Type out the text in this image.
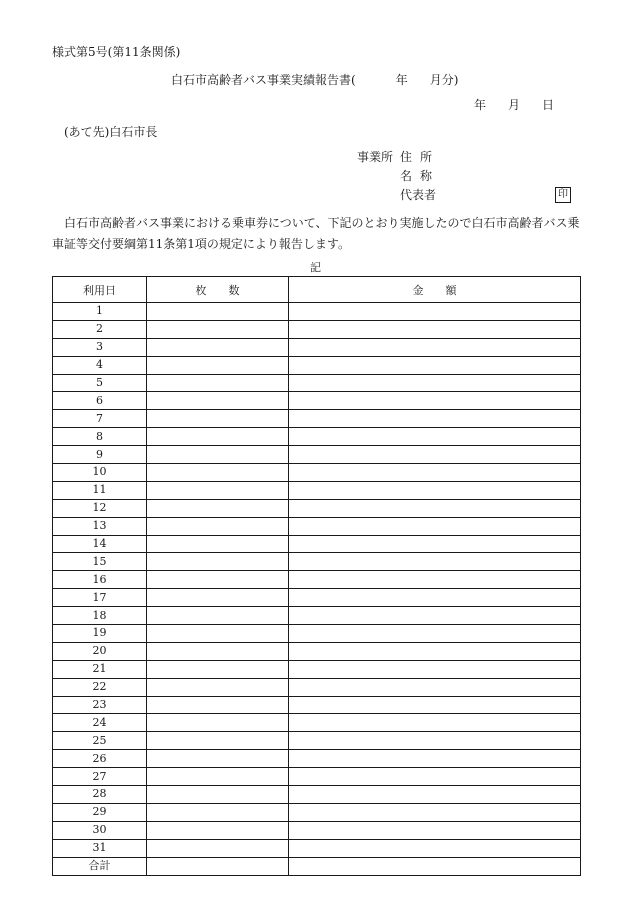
様式第5号(第11条関係)
白石市高齢者バス事業実績報告書(	年 月分)
年 月 日
(あて先)白石市長
事業所 住 所
名 称
代表者	印
白石市高齢者バス事業における乗車券について、下記のとおり実施したので白石市高齢者バス乗車証等交付要綱第11条第1項の規定により報告します。
記
利用日	枚 数	金 額
1		
2		
3		
4		
5		
6		
7		
8		
9		
10		
11		
12		
13		
14		
15		
16		
17		
18		
19		
20		
21		
22		
23		
24		
25		
26		
27		
28		
29		
30		
31		
合計		
